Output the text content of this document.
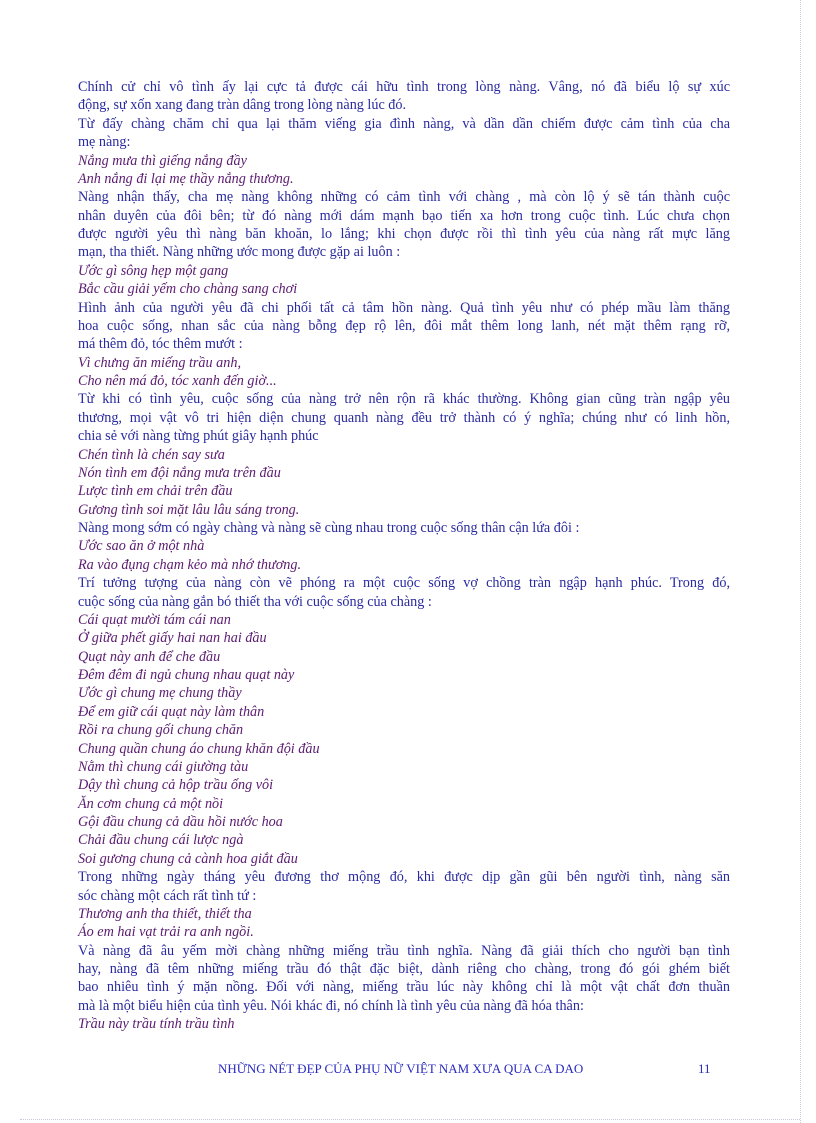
Chính cử chỉ vô tình ấy lại cực tả được cái hữu tình trong lòng nàng. Vâng, nó đã biểu lộ sự xúc
động, sự xốn xang đang tràn dâng trong lòng nàng lúc đó.
Từ đấy chàng chăm chỉ qua lại thăm viếng gia đình nàng, và dần dần chiếm được cảm tình của cha
mẹ nàng:
Nắng mưa thì giếng nắng đầy
Anh nắng đi lại mẹ thầy nắng thương.
Nàng nhận thấy, cha mẹ nàng không những có cảm tình với chàng , mà còn lộ ý sẽ tán thành cuộc
nhân duyên của đôi bên; từ đó nàng mới dám mạnh bạo tiến xa hơn trong cuộc tình. Lúc chưa chọn
được người yêu thì nàng băn khoăn, lo lắng; khi chọn được rồi thì tình yêu của nàng rất mực lăng
mạn, tha thiết. Nàng những ước mong được gặp ai luôn :
Ước gì sông hẹp một gang
Bắc cầu giải yếm cho chàng sang chơi
Hình ảnh của người yêu đã chi phối tất cả tâm hồn nàng. Quả tình yêu như có phép mầu làm thăng
hoa cuộc sống, nhan sắc của nàng bỗng đẹp rộ lên, đôi mắt thêm long lanh, nét mặt thêm rạng rỡ,
má thêm đỏ, tóc thêm mướt :
Vì chưng ăn miếng trầu anh,
Cho nên má đỏ, tóc xanh đến giờ...
Từ khi có tình yêu, cuộc sống của nàng trở nên rộn rã khác thường. Không gian cũng tràn ngập yêu
thương, mọi vật vô tri hiện diện chung quanh nàng đều trở thành có ý nghĩa; chúng như có linh hồn,
chia sẻ với nàng từng phút giây hạnh phúc
Chén tình là chén say sưa
Nón tình em đội nắng mưa trên đầu
Lược tình em chải trên đầu
Gương tình soi mặt lâu lâu sáng trong.
Nàng mong sớm có ngày chàng và nàng sẽ cùng nhau trong cuộc sống thân cận lứa đôi :
Ước sao ăn ở một nhà
Ra vào đụng chạm kẻo mà nhớ thương.
Trí tưởng tượng của nàng còn vẽ phóng ra một cuộc sống vợ chồng tràn ngập hạnh phúc. Trong đó,
cuộc sống của nàng gắn bó thiết tha với cuộc sống của chàng :
Cái quạt mười tám cái nan
Ở giữa phết giấy hai nan hai đầu
Quạt này anh để che đầu
Đêm đêm đi ngủ chung nhau quạt này
Ước gì chung mẹ chung thầy
Để em giữ cái quạt này làm thân
Rồi ra chung gối chung chăn
Chung quần chung áo chung khăn đội đầu
Nằm thì chung cái giường tàu
Dậy thì chung cả hộp trầu ống vôi
Ăn cơm chung cả một nồi
Gội đầu chung cả dầu hồi nước hoa
Chải đầu chung cái lược ngà
Soi gương chung cả cành hoa giắt đầu
Trong những ngày tháng yêu đương thơ mộng đó, khi được dịp gần gũi bên người tình, nàng săn
sóc chàng một cách rất tình tứ :
Thương anh tha thiết, thiết tha
Áo em hai vạt trải ra anh ngồi.
Và nàng đã âu yếm mời chàng những miếng trầu tình nghĩa. Nàng đã giải thích cho người bạn tình
hay, nàng đã têm những miếng trầu đó thật đặc biệt, dành riêng cho chàng, trong đó gói ghém biết
bao nhiêu tình ý mặn nồng. Đối với nàng, miếng trầu lúc này không chỉ là một vật chất đơn thuần
mà là một biểu hiện của tình yêu. Nói khác đi, nó chính là tình yêu của nàng đã hóa thân:
Trầu này trầu tính trầu tình
NHỮNG NÉT ĐẸP CỦA PHỤ NỮ VIỆT NAM XƯA QUA CA DAO	11
